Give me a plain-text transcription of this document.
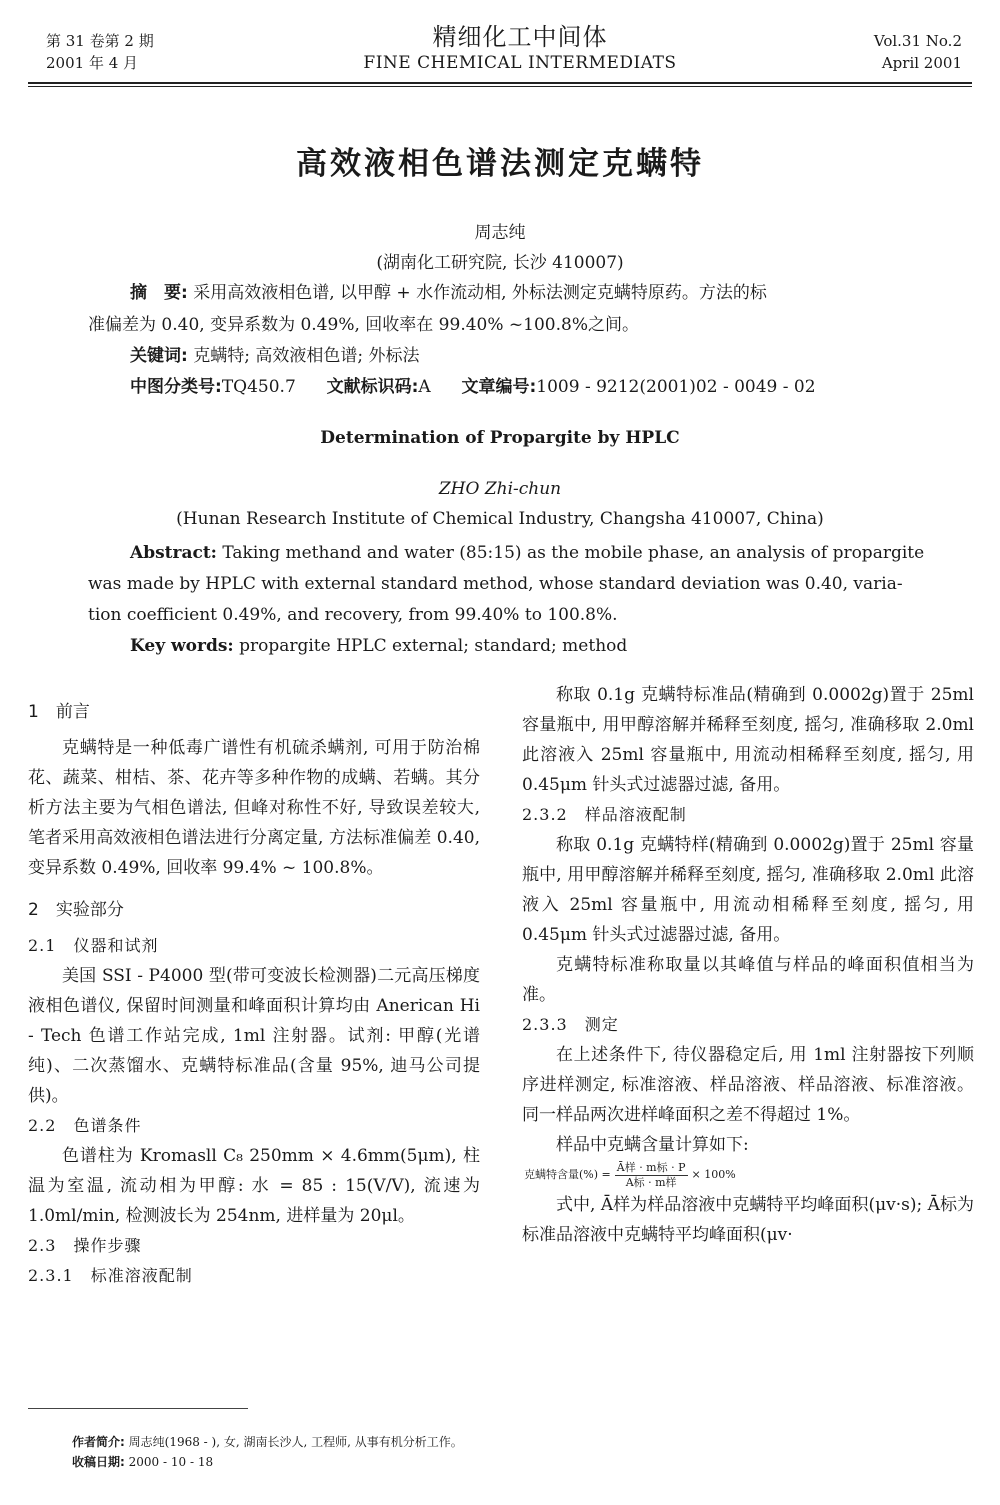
第 31 卷第 2 期
2001 年 4 月
精细化工中间体
FINE CHEMICAL INTERMEDIATS
Vol.31 No.2
April 2001
高效液相色谱法测定克螨特
周志纯
(湖南化工研究院, 长沙 410007)
摘　要: 采用高效液相色谱, 以甲醇 + 水作流动相, 外标法测定克螨特原药。方法的标
准偏差为 0.40, 变异系数为 0.49%, 回收率在 99.40% ~100.8%之间。
关键词: 克螨特; 高效液相色谱; 外标法
中图分类号:TQ450.7 文献标识码:A 文章编号:1009 - 9212(2001)02 - 0049 - 02
Determination of Propargite by HPLC
ZHO Zhi-chun
(Hunan Research Institute of Chemical Industry, Changsha 410007, China)
Abstract: Taking methand and water (85:15) as the mobile phase, an analysis of propargite
was made by HPLC with external standard method, whose standard deviation was 0.40, varia-
tion coefficient 0.49%, and recovery, from 99.40% to 100.8%.
Key words: propargite HPLC external; standard; method

1　前言

克螨特是一种低毒广谱性有机硫杀螨剂, 可用于防治棉花、蔬菜、柑桔、茶、花卉等多种作物的成螨、若螨。其分析方法主要为气相色谱法, 但峰对称性不好, 导致误差较大, 笔者采用高效液相色谱法进行分离定量, 方法标准偏差 0.40, 变异系数 0.49%, 回收率 99.4% ~ 100.8%。

2　实验部分

2.1　仪器和试剂

美国 SSI - P4000 型(带可变波长检测器)二元高压梯度液相色谱仪, 保留时间测量和峰面积计算均由 Anerican Hi - Tech 色谱工作站完成, 1ml 注射器。试剂: 甲醇(光谱纯)、二次蒸馏水、克螨特标准品(含量 95%, 迪马公司提供)。

2.2　色谱条件

色谱柱为 Kromasll C₈ 250mm × 4.6mm(5μm), 柱温为室温, 流动相为甲醇: 水 = 85 : 15(V/V), 流速为 1.0ml/min, 检测波长为 254nm, 进样量为 20μl。

2.3　操作步骤

2.3.1　标准溶液配制

称取 0.1g 克螨特标准品(精确到 0.0002g)置于 25ml 容量瓶中, 用甲醇溶解并稀释至刻度, 摇匀, 准确移取 2.0ml 此溶液入 25ml 容量瓶中, 用流动相稀释至刻度, 摇匀, 用 0.45μm 针头式过滤器过滤, 备用。

2.3.2　样品溶液配制

称取 0.1g 克螨特样(精确到 0.0002g)置于 25ml 容量瓶中, 用甲醇溶解并稀释至刻度, 摇匀, 准确移取 2.0ml 此溶液入 25ml 容量瓶中, 用流动相稀释至刻度, 摇匀, 用 0.45μm 针头式过滤器过滤, 备用。

克螨特标准称取量以其峰值与样品的峰面积值相当为准。

2.3.3　测定

在上述条件下, 待仪器稳定后, 用 1ml 注射器按下列顺序进样测定, 标准溶液、样品溶液、样品溶液、标准溶液。同一样品两次进样峰面积之差不得超过 1%。

样品中克螨含量计算如下:

克螨特含量(%) = $\frac{\text{Ā样 · m标 · P}}{\text{A标 · m样}} \times 100\%$

式中, Ā样为样品溶液中克螨特平均峰面积(μv·s); Ā标为标准品溶液中克螨特平均峰面积(μv·

作者简介: 周志纯(1968 - ), 女, 湖南长沙人, 工程师, 从事有机分析工作。
收稿日期: 2000 - 10 - 18
